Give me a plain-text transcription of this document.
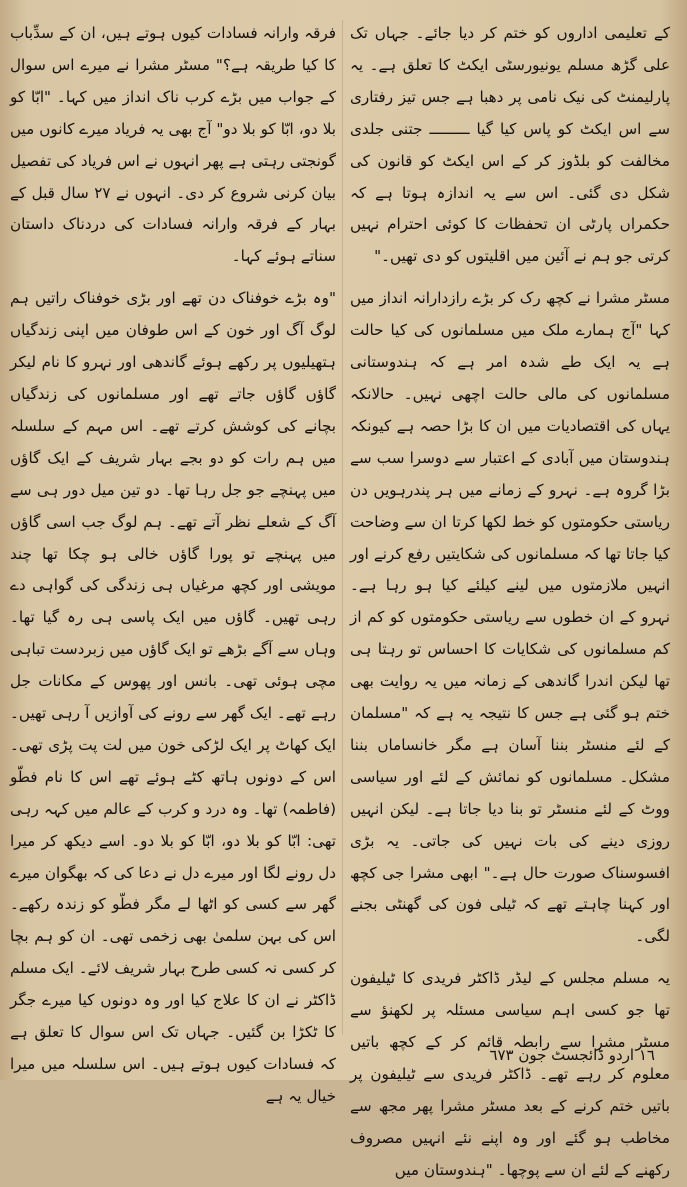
کے تعلیمی اداروں کو ختم کر دیا جائے۔ جہاں تک علی گڑھ مسلم یونیورسٹی ایکٹ کا تعلق ہے۔ یہ پارلیمنٹ کی نیک نامی پر دھبا ہے جس تیز رفتاری سے اس ایکٹ کو پاس کیا گیا ـــــــــ جتنی جلدی مخالفت کو بلڈوز کر کے اس ایکٹ کو قانون کی شکل دی گئی۔ اس سے یہ اندازہ ہوتا ہے کہ حکمراں پارٹی ان تحفظات کا کوئی احترام نہیں کرتی جو ہم نے آئین میں اقلیتوں کو دی تھیں۔"

مسٹر مشرا نے کچھ رک کر بڑے رازدارانہ انداز میں کہا "آج ہمارے ملک میں مسلمانوں کی کیا حالت ہے یہ ایک طے شدہ امر ہے کہ ہندوستانی مسلمانوں کی مالی حالت اچھی نہیں۔ حالانکہ یہاں کی اقتصادیات میں ان کا بڑا حصہ ہے کیونکہ ہندوستان میں آبادی کے اعتبار سے دوسرا سب سے بڑا گروہ ہے۔ نہرو کے زمانے میں ہر پندرہویں دن ریاستی حکومتوں کو خط لکھا کرتا ان سے وضاحت کیا جاتا تھا کہ مسلمانوں کی شکایتیں رفع کرنے اور انہیں ملازمتوں میں لینے کیلئے کیا ہو رہا ہے۔ نہرو کے ان خطوں سے ریاستی حکومتوں کو کم از کم مسلمانوں کی شکایات کا احساس تو رہتا ہی تھا لیکن اندرا گاندھی کے زمانہ میں یہ روایت بھی ختم ہو گئی ہے جس کا نتیجہ یہ ہے کہ "مسلمان کے لئے منسٹر بننا آسان ہے مگر خانساماں بننا مشکل۔ مسلمانوں کو نمائش کے لئے اور سیاسی ووٹ کے لئے منسٹر تو بنا دیا جاتا ہے۔ لیکن انہیں روزی دینے کی بات نہیں کی جاتی۔ یہ بڑی افسوسناک صورت حال ہے۔" ابھی مشرا جی کچھ اور کہنا چاہتے تھے کہ ٹیلی فون کی گھنٹی بجنے لگی۔

یہ مسلم مجلس کے لیڈر ڈاکٹر فریدی کا ٹیلیفون تھا جو کسی اہم سیاسی مسئلہ پر لکھنؤ سے مسٹر مشرا سے رابطہ قائم کر کے کچھ باتیں معلوم کر رہے تھے۔ ڈاکٹر فریدی سے ٹیلیفون پر باتیں ختم کرنے کے بعد مسٹر مشرا پھر مجھ سے مخاطب ہو گئے اور وہ اپنے نئے انہیں مصروف رکھنے کے لئے ان سے پوچھا۔ "ہندوستان میں

فرقہ وارانہ فسادات کیوں ہوتے ہیں، ان کے سدِّباب کا کیا طریقہ ہے؟" مسٹر مشرا نے میرے اس سوال کے جواب میں بڑے کرب ناک انداز میں کہا۔ "ابّا کو بلا دو، ابّا کو بلا دو" آج بھی یہ فریاد میرے کانوں میں گونجتی رہتی ہے پھر انہوں نے اس فریاد کی تفصیل بیان کرنی شروع کر دی۔ انہوں نے ۲۷ سال قبل کے بہار کے فرقہ وارانہ فسادات کی دردناک داستان سناتے ہوئے کہا۔

"وہ بڑے خوفناک دن تھے اور بڑی خوفناک راتیں ہم لوگ آگ اور خون کے اس طوفان میں اپنی زندگیاں ہتھیلیوں پر رکھے ہوئے گاندھی اور نہرو کا نام لیکر گاؤں گاؤں جاتے تھے اور مسلمانوں کی زندگیاں بچانے کی کوشش کرتے تھے۔ اس مہم کے سلسلہ میں ہم رات کو دو بجے بہار شریف کے ایک گاؤں میں پہنچے جو جل رہا تھا۔ دو تین میل دور ہی سے آگ کے شعلے نظر آتے تھے۔ ہم لوگ جب اسی گاؤں میں پہنچے تو پورا گاؤں خالی ہو چکا تھا چند مویشی اور کچھ مرغیاں ہی زندگی کی گواہی دے رہی تھیں۔ گاؤں میں ایک پاسی ہی رہ گیا تھا۔ وہاں سے آگے بڑھے تو ایک گاؤں میں زبردست تباہی مچی ہوئی تھی۔ بانس اور پھوس کے مکانات جل رہے تھے۔ ایک گھر سے رونے کی آوازیں آ رہی تھیں۔ ایک کھاٹ پر ایک لڑکی خون میں لت پت پڑی تھی۔ اس کے دونوں ہاتھ کٹے ہوئے تھے اس کا نام فطّو (فاطمہ) تھا۔ وہ درد و کرب کے عالم میں کہہ رہی تھی: ابّا کو بلا دو، ابّا کو بلا دو۔ اسے دیکھ کر میرا دل رونے لگا اور میرے دل نے دعا کی کہ بھگوان میرے گھر سے کسی کو اٹھا لے مگر فطّو کو زندہ رکھے۔ اس کی بہن سلمیٰ بھی زخمی تھی۔ ان کو ہم بچا کر کسی نہ کسی طرح بہار شریف لائے۔ ایک مسلم ڈاکٹر نے ان کا علاج کیا اور وہ دونوں کیا میرے جگر کا ٹکڑا بن گئیں۔ جہاں تک اس سوال کا تعلق ہے کہ فسادات کیوں ہوتے ہیں۔ اس سلسلہ میں میرا خیال یہ ہے

١٦ اردو ڈائجسٹ جون ٦٧٣
